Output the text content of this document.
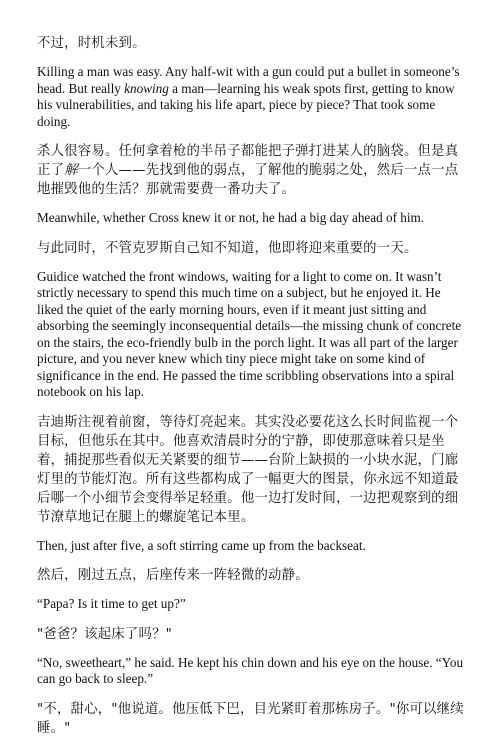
不过，时机未到。

Killing a man was easy. Any half-wit with a gun could put a bullet in someone’s head. But really knowing a man—learning his weak spots first, getting to know his vulnerabilities, and taking his life apart, piece by piece? That took some doing.

杀人很容易。任何拿着枪的半吊子都能把子弹打进某人的脑袋。但是真正了解一个人——先找到他的弱点，了解他的脆弱之处，然后一点一点地摧毁他的生活？那就需要费一番功夫了。

Meanwhile, whether Cross knew it or not, he had a big day ahead of him.

与此同时，不管克罗斯自己知不知道，他即将迎来重要的一天。

Guidice watched the front windows, waiting for a light to come on. It wasn’t strictly necessary to spend this much time on a subject, but he enjoyed it. He liked the quiet of the early morning hours, even if it meant just sitting and absorbing the seemingly inconsequential details—the missing chunk of concrete on the stairs, the eco-friendly bulb in the porch light. It was all part of the larger picture, and you never knew which tiny piece might take on some kind of significance in the end. He passed the time scribbling observations into a spiral notebook on his lap.

吉迪斯注视着前窗，等待灯亮起来。其实没必要花这么长时间监视一个目标，但他乐在其中。他喜欢清晨时分的宁静，即使那意味着只是坐着，捕捉那些看似无关紧要的细节——台阶上缺损的一小块水泥，门廊灯里的节能灯泡。所有这些都构成了一幅更大的图景，你永远不知道最后哪一个小细节会变得举足轻重。他一边打发时间，一边把观察到的细节潦草地记在腿上的螺旋笔记本里。

Then, just after five, a soft stirring came up from the backseat.

然后，刚过五点，后座传来一阵轻微的动静。

“Papa? Is it time to get up?”

"爸爸？该起床了吗？"

“No, sweetheart,” he said. He kept his chin down and his eye on the house. “You can go back to sleep.”

"不，甜心，"他说道。他压低下巴，目光紧盯着那栋房子。"你可以继续睡。"
